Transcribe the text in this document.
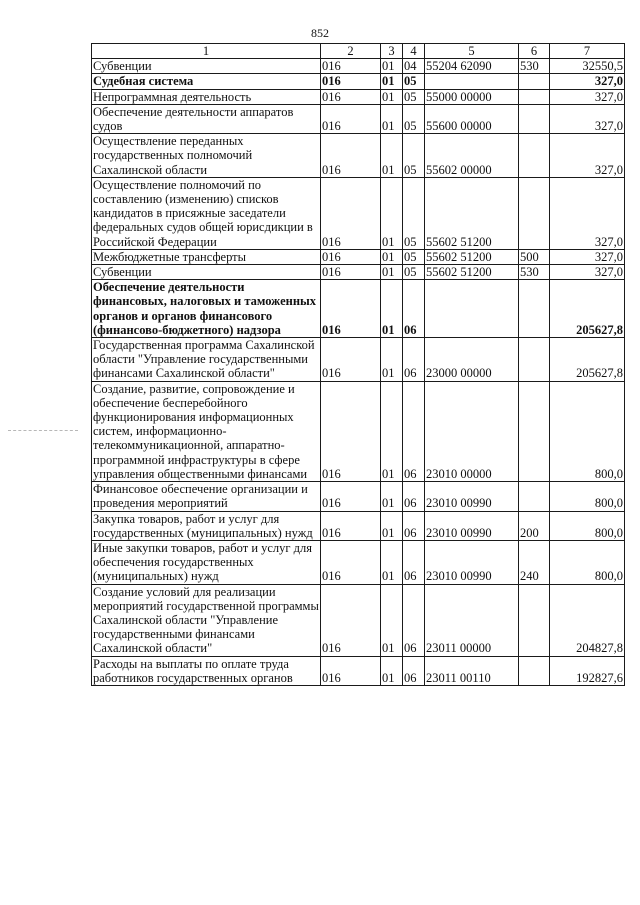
852
1	2	3	4	5	6	7
Субвенции	016	01	04	55204 62090	530	32550,5
Судебная система	016	01	05			327,0
Непрограммная деятельность	016	01	05	55000 00000		327,0
Обеспечение деятельности аппаратов судов	016	01	05	55600 00000		327,0
Осуществление переданных государственных полномочий Сахалинской области	016	01	05	55602 00000		327,0
Осуществление полномочий по составлению (изменению) списков кандидатов в присяжные заседатели федеральных судов общей юрисдикции в Российской Федерации	016	01	05	55602 51200		327,0
Межбюджетные трансферты	016	01	05	55602 51200	500	327,0
Субвенции	016	01	05	55602 51200	530	327,0
Обеспечение деятельности финансовых, налоговых и таможенных органов и органов финансового (финансово-бюджетного) надзора	016	01	06			205627,8
Государственная программа Сахалинской области "Управление государственными финансами Сахалинской области"	016	01	06	23000 00000		205627,8
Создание, развитие, сопровождение и обеспечение бесперебойного функционирования информационных систем, информационно-телекоммуникационной, аппаратно-программной инфраструктуры в сфере управления общественными финансами	016	01	06	23010 00000		800,0
Финансовое обеспечение организации и проведения мероприятий	016	01	06	23010 00990		800,0
Закупка товаров, работ и услуг для государственных (муниципальных) нужд	016	01	06	23010 00990	200	800,0
Иные закупки товаров, работ и услуг для обеспечения государственных (муниципальных) нужд	016	01	06	23010 00990	240	800,0
Создание условий для реализации мероприятий государственной программы Сахалинской области "Управление государственными финансами Сахалинской области"	016	01	06	23011 00000		204827,8
Расходы на выплаты по оплате труда работников государственных органов	016	01	06	23011 00110		192827,6
